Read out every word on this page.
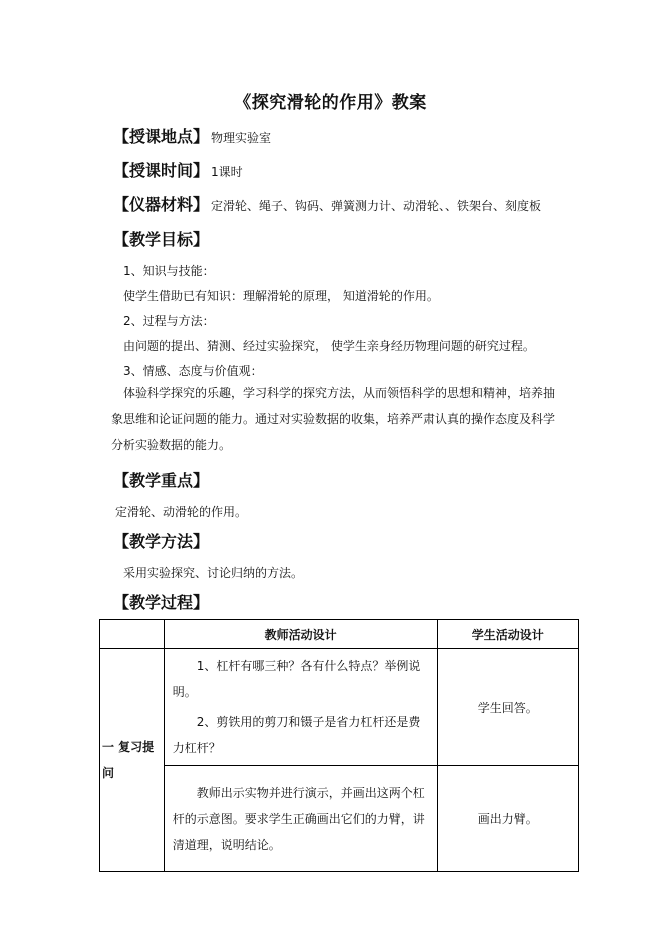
《探究滑轮的作用》教案
【授课地点】 物理实验室
【授课时间】 1课时
【仪器材料】 定滑轮、绳子、钩码、弹簧测力计、动滑轮、、铁架台、刻度板
【教学目标】
1、知识与技能：
使学生借助已有知识：理解滑轮的原理， 知道滑轮的作用。
2、过程与方法：
由问题的提出、猜测、经过实验探究， 使学生亲身经历物理问题的研究过程。
3、情感、态度与价值观：
体验科学探究的乐趣，学习科学的探究方法，从而领悟科学的思想和精神，培养抽象思维和论证问题的能力。通过对实验数据的收集，培养严肃认真的操作态度及科学分析实验数据的能力。
【教学重点】
定滑轮、动滑轮的作用。
【教学方法】
采用实验探究、讨论归纳的方法。
【教学过程】
	教师活动设计	学生活动设计

一 复习提问	1、杠杆有哪三种？各有什么特点？举例说明。
2、剪铁用的剪刀和镊子是省力杠杆还是费力杠杆？	学生回答。

	教师出示实物并进行演示，并画出这两个杠杆的示意图。要求学生正确画出它们的力臂，讲清道理，说明结论。	画出力臂。
